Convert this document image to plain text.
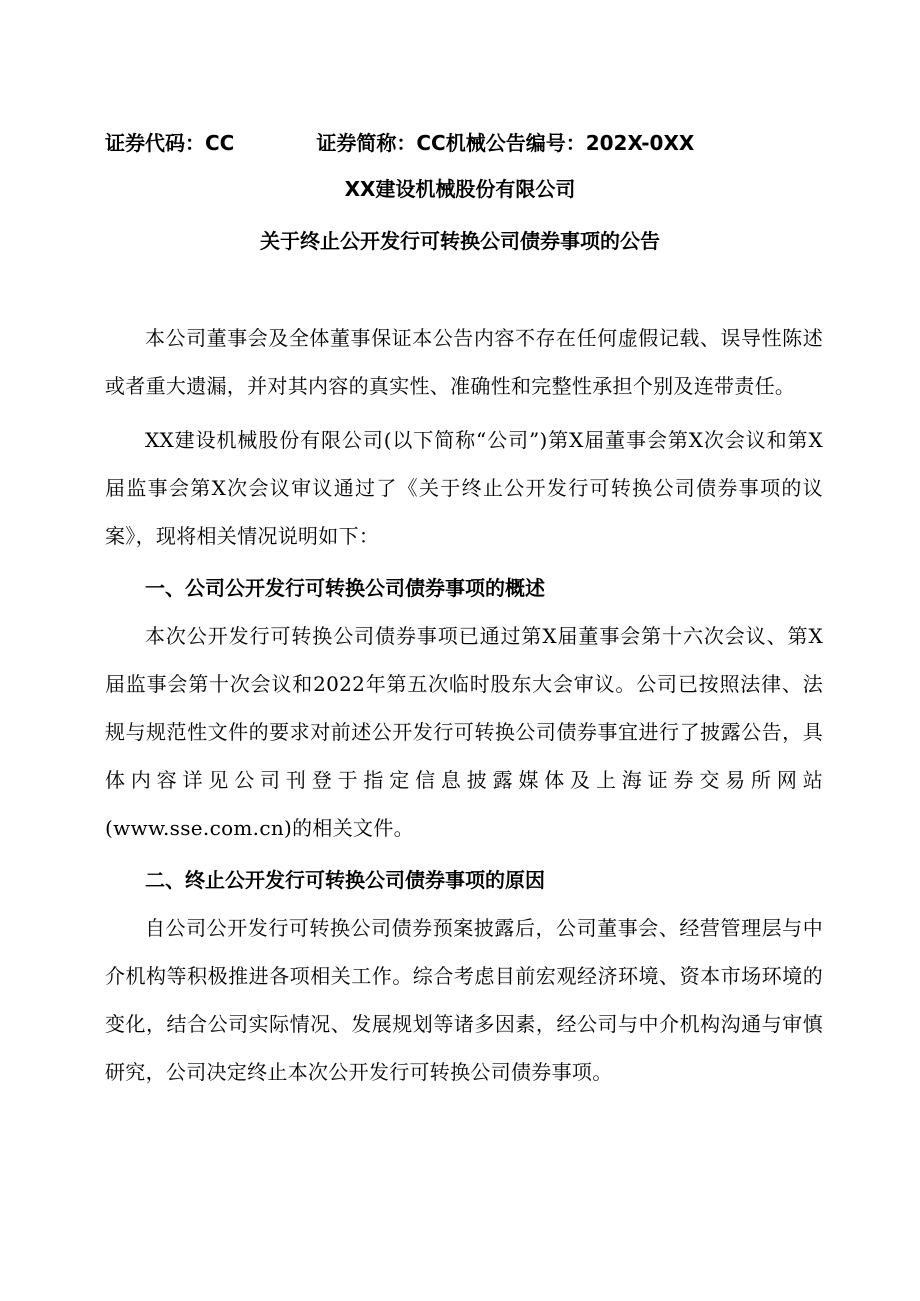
证券代码：CC	证券简称：CC机械公告编号：202X-0XX
XX建设机械股份有限公司
关于终止公开发行可转换公司债券事项的公告

本公司董事会及全体董事保证本公告内容不存在任何虚假记载、误导性陈述或者重大遗漏，并对其内容的真实性、准确性和完整性承担个别及连带责任。

XX建设机械股份有限公司(以下简称“公司”)第X届董事会第X次会议和第X届监事会第X次会议审议通过了《关于终止公开发行可转换公司债券事项的议案》，现将相关情况说明如下：

一、公司公开发行可转换公司债券事项的概述

本次公开发行可转换公司债券事项已通过第X届董事会第十六次会议、第X届监事会第十次会议和2022年第五次临时股东大会审议。公司已按照法律、法规与规范性文件的要求对前述公开发行可转换公司债券事宜进行了披露公告，具体内容详见公司刊登于指定信息披露媒体及上海证券交易所网站(www.sse.com.cn)的相关文件。

二、终止公开发行可转换公司债券事项的原因

自公司公开发行可转换公司债券预案披露后，公司董事会、经营管理层与中介机构等积极推进各项相关工作。综合考虑目前宏观经济环境、资本市场环境的变化，结合公司实际情况、发展规划等诸多因素，经公司与中介机构沟通与审慎研究，公司决定终止本次公开发行可转换公司债券事项。
